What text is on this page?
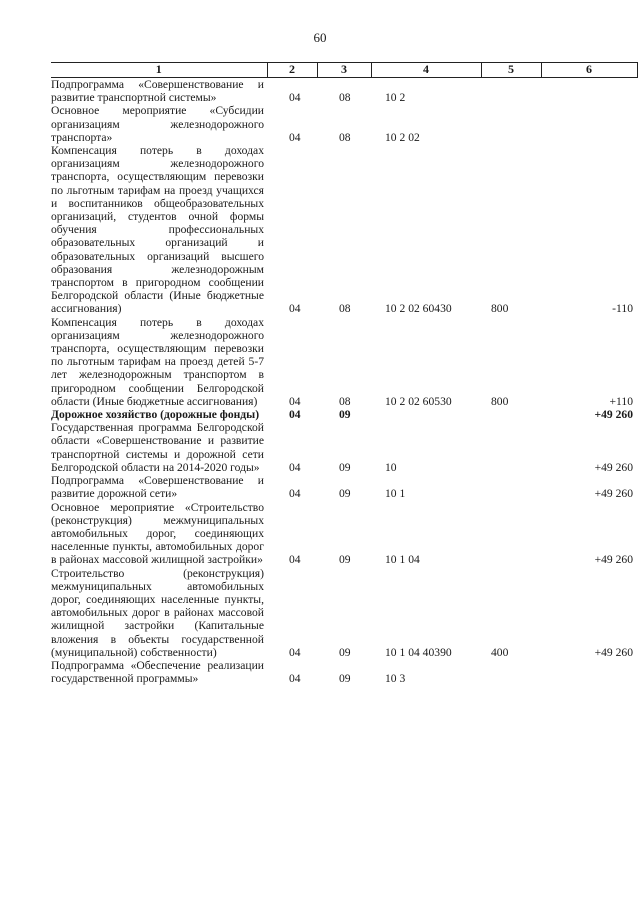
60
1	2	3	4	5	6
Подпрограмма «Совершенствование и развитие транспортной системы»	04	08	10 2		
Основное мероприятие «Субсидии организациям железнодорожного транспорта»	04	08	10 2 02		
Компенсация потерь в доходах организациям железнодорожного транспорта, осуществляющим перевозки по льготным тарифам на проезд учащихся и воспитанников общеобразовательных организаций, студентов очной формы обучения профессиональных образовательных организаций и образовательных организаций высшего образования железнодорожным транспортом в пригородном сообщении Белгородской области (Иные бюджетные ассигнования)	04	08	10 2 02 60430	800	-110
Компенсация потерь в доходах организациям железнодорожного транспорта, осуществляющим перевозки по льготным тарифам на проезд детей 5-7 лет железнодорожным транспортом в пригородном сообщении Белгородской области (Иные бюджетные ассигнования)	04	08	10 2 02 60530	800	+110
Дорожное хозяйство (дорожные фонды)	04	09			+49 260
Государственная программа Белгородской области «Совершенствование и развитие транспортной системы и дорожной сети Белгородской области на 2014-2020 годы»	04	09	10		+49 260
Подпрограмма «Совершенствование и развитие дорожной сети»	04	09	10 1		+49 260
Основное мероприятие «Строительство (реконструкция) межмуниципальных автомобильных дорог, соединяющих населенные пункты, автомобильных дорог в районах массовой жилищной застройки»	04	09	10 1 04		+49 260
Строительство (реконструкция) межмуниципальных автомобильных дорог, соединяющих населенные пункты, автомобильных дорог в районах массовой жилищной застройки (Капитальные вложения в объекты государственной (муниципальной) собственности)	04	09	10 1 04 40390	400	+49 260
Подпрограмма «Обеспечение реализации государственной программы»	04	09	10 3		
